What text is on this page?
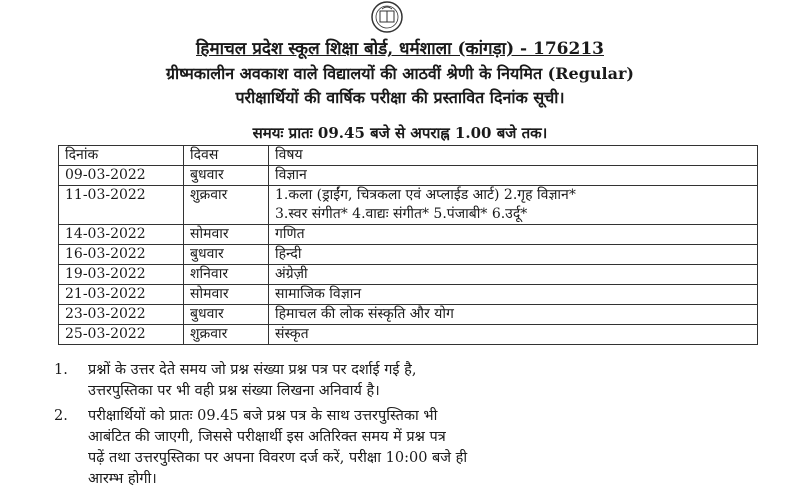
हिमाचल प्रदेश स्कूल शिक्षा बोर्ड, धर्मशाला (कांगड़ा) - 176213
ग्रीष्मकालीन अवकाश वाले विद्यालयों की आठवीं श्रेणी के नियमित (Regular)
परीक्षार्थियों की वार्षिक परीक्षा की प्रस्तावित दिनांक सूची।
समयः प्रातः 09.45 बजे से अपराह्न 1.00 बजे तक।
दिनांक	दिवस	विषय
09-03-2022	बुधवार	विज्ञान

11-03-2022	शुक्रवार	1.कला (ड्राईंग, चित्रकला एवं अप्लाईड आर्ट) 2.गृह विज्ञान*
3.स्वर संगीत* 4.वाद्यः संगीत* 5.पंजाबी* 6.उर्दू*

14-03-2022	सोमवार	गणित

16-03-2022	बुधवार	हिन्दी

19-03-2022	शनिवार	अंग्रेज़ी

21-03-2022	सोमवार	सामाजिक विज्ञान

23-03-2022	बुधवार	हिमाचल की लोक संस्कृति और योग

25-03-2022	शुक्रवार	संस्कृत
1.	प्रश्नों के उत्तर देते समय जो प्रश्न संख्या प्रश्न पत्र पर दर्शाई गई है,
उत्तरपुस्तिका पर भी वही प्रश्न संख्या लिखना अनिवार्य है।
2.	परीक्षार्थियों को प्रातः 09.45 बजे प्रश्न पत्र के साथ उत्तरपुस्तिका भी
आबंटित की जाएगी, जिससे परीक्षार्थी इस अतिरिक्त समय में प्रश्न पत्र
पढ़ें तथा उत्तरपुस्तिका पर अपना विवरण दर्ज करें, परीक्षा 10:00 बजे ही
आरम्भ होगी।
